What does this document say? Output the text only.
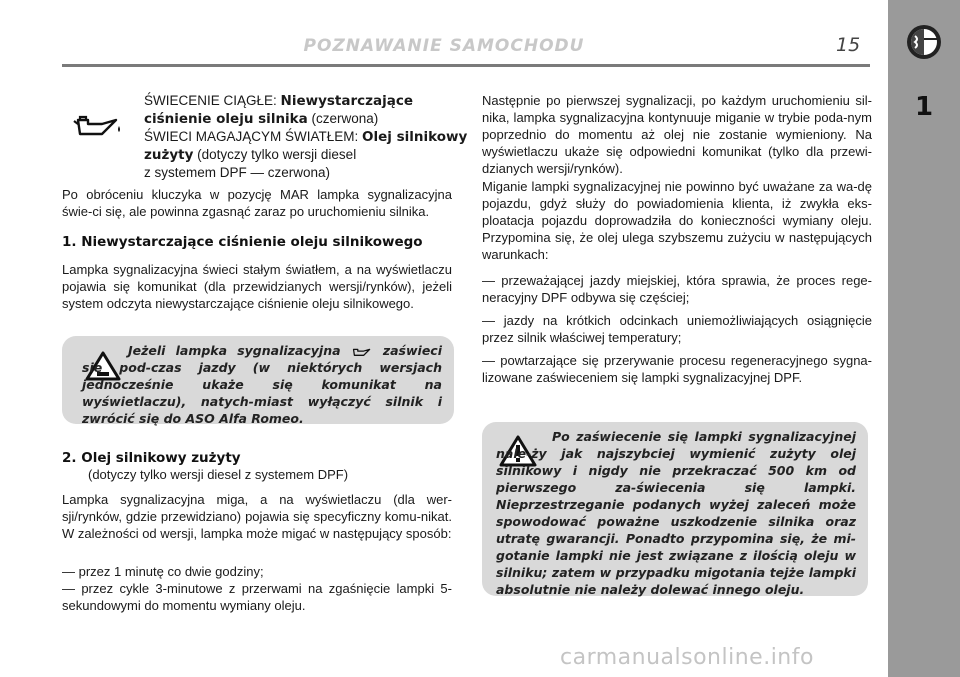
1
POZNAWANIE SAMOCHODU	15
ŚWIECENIE CIĄGŁE: Niewystarczające
ciśnienie oleju silnika (czerwona)
ŚWIECI MAGAJĄCYM ŚWIATŁEM: Olej silnikowy
zużyty (dotyczy tylko wersji diesel
z systemem DPF — czerwona)

Po obróceniu kluczyka w pozycję MAR lampka sygnalizacyjna świe-ci się, ale powinna zgasnąć zaraz po uruchomieniu silnika.

1. Niewystarczające ciśnienie oleju silnikowego

Lampka sygnalizacyjna świeci stałym światłem, a na wyświetlaczu pojawia się komunikat (dla przewidzianych wersji/rynków), jeżeli system odczyta niewystarczające ciśnienie oleju silnikowego.

Jeżeli lampka sygnalizacyjna	zaświeci się pod-czas jazdy (w niektórych wersjach jednocześnie ukaże się komunikat na wyświetlaczu), natych-miast wyłączyć silnik i zwrócić się do ASO Alfa Romeo.

2. Olej silnikowy zużyty

(dotyczy tylko wersji diesel z systemem DPF)

Lampka sygnalizacyjna miga, a na wyświetlaczu (dla wer-sji/rynków, gdzie przewidziano) pojawia się specyficzny komu-nikat. W zależności od wersji, lampka może migać w następujący sposób:

— przez 1 minutę co dwie godziny;

— przez cykle 3-minutowe z przerwami na zgaśnięcie lampki 5-sekundowymi do momentu wymiany oleju.

Następnie po pierwszej sygnalizacji, po każdym uruchomieniu sil-nika, lampka sygnalizacyjna kontynuuje miganie w trybie poda-nym poprzednio do momentu aż olej nie zostanie wymieniony. Na wyświetlaczu ukaże się odpowiedni komunikat (tylko dla przewi-dzianych wersji/rynków).

Miganie lampki sygnalizacyjnej nie powinno być uważane za wa-dę pojazdu, gdyż służy do powiadomienia klienta, iż zwykła eks-ploatacja pojazdu doprowadziła do konieczności wymiany oleju. Przypomina się, że olej ulega szybszemu zużyciu w następujących warunkach:

— przeważającej jazdy miejskiej, która sprawia, że proces rege-neracyjny DPF odbywa się częściej;

— jazdy na krótkich odcinkach uniemożliwiających osiągnięcie przez silnik właściwej temperatury;

— powtarzające się przerywanie procesu regeneracyjnego sygna-lizowane zaświeceniem się lampki sygnalizacyjnej DPF.

Po zaświecenie się lampki sygnalizacyjnej nale-ży jak najszybciej wymienić zużyty olej silnikowy i nigdy nie przekraczać 500 km od pierwszego za-świecenia się lampki. Nieprzestrzeganie podanych wyżej zaleceń może spowodować poważne uszkodzenie silnika oraz utratę gwarancji. Ponadto przypomina się, że mi-gotanie lampki nie jest związane z ilością oleju w silniku; zatem w przypadku migotania tejże lampki absolutnie nie należy dolewać innego oleju.

carmanualsonline.info
